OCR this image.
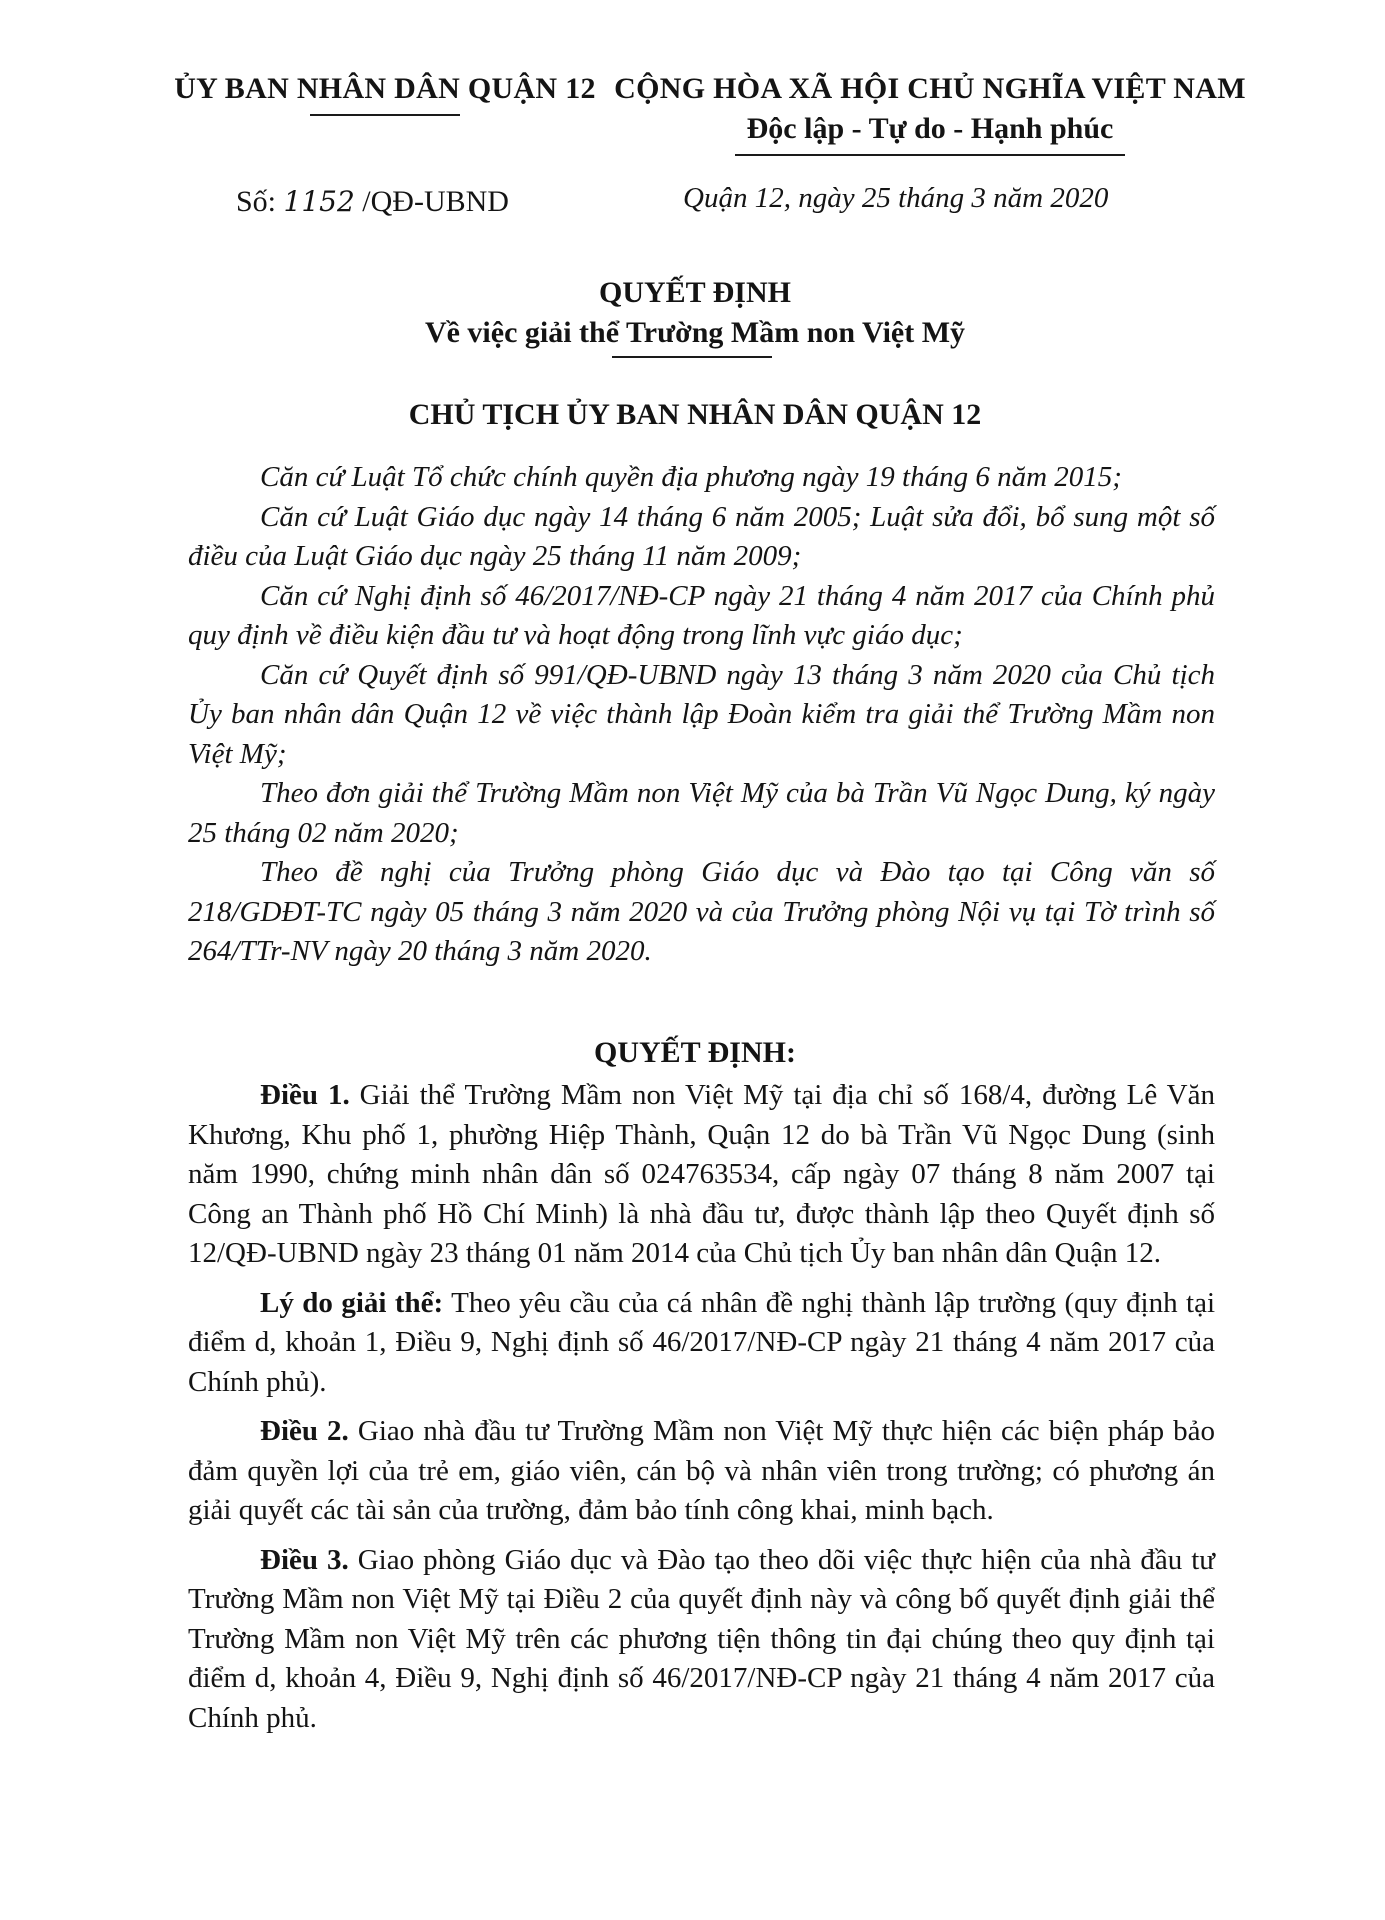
ỦY BAN NHÂN DÂN QUẬN 12 CỘNG HÒA XÃ HỘI CHỦ NGHĨA VIỆT NAM
Độc lập - Tự do - Hạnh phúc
Số: 1152 /QĐ-UBND	Quận 12, ngày 25 tháng 3 năm 2020
QUYẾT ĐỊNH
Về việc giải thể Trường Mầm non Việt Mỹ
CHỦ TỊCH ỦY BAN NHÂN DÂN QUẬN 12

Căn cứ Luật Tổ chức chính quyền địa phương ngày 19 tháng 6 năm 2015;

Căn cứ Luật Giáo dục ngày 14 tháng 6 năm 2005; Luật sửa đổi, bổ sung một số điều của Luật Giáo dục ngày 25 tháng 11 năm 2009;

Căn cứ Nghị định số 46/2017/NĐ-CP ngày 21 tháng 4 năm 2017 của Chính phủ quy định về điều kiện đầu tư và hoạt động trong lĩnh vực giáo dục;

Căn cứ Quyết định số 991/QĐ-UBND ngày 13 tháng 3 năm 2020 của Chủ tịch Ủy ban nhân dân Quận 12 về việc thành lập Đoàn kiểm tra giải thể Trường Mầm non Việt Mỹ;

Theo đơn giải thể Trường Mầm non Việt Mỹ của bà Trần Vũ Ngọc Dung, ký ngày 25 tháng 02 năm 2020;

Theo đề nghị của Trưởng phòng Giáo dục và Đào tạo tại Công văn số 218/GDĐT-TC ngày 05 tháng 3 năm 2020 và của Trưởng phòng Nội vụ tại Tờ trình số 264/TTr-NV ngày 20 tháng 3 năm 2020.

QUYẾT ĐỊNH:

Điều 1. Giải thể Trường Mầm non Việt Mỹ tại địa chỉ số 168/4, đường Lê Văn Khương, Khu phố 1, phường Hiệp Thành, Quận 12 do bà Trần Vũ Ngọc Dung (sinh năm 1990, chứng minh nhân dân số 024763534, cấp ngày 07 tháng 8 năm 2007 tại Công an Thành phố Hồ Chí Minh) là nhà đầu tư, được thành lập theo Quyết định số 12/QĐ-UBND ngày 23 tháng 01 năm 2014 của Chủ tịch Ủy ban nhân dân Quận 12.

Lý do giải thể: Theo yêu cầu của cá nhân đề nghị thành lập trường (quy định tại điểm d, khoản 1, Điều 9, Nghị định số 46/2017/NĐ-CP ngày 21 tháng 4 năm 2017 của Chính phủ).

Điều 2. Giao nhà đầu tư Trường Mầm non Việt Mỹ thực hiện các biện pháp bảo đảm quyền lợi của trẻ em, giáo viên, cán bộ và nhân viên trong trường; có phương án giải quyết các tài sản của trường, đảm bảo tính công khai, minh bạch.

Điều 3. Giao phòng Giáo dục và Đào tạo theo dõi việc thực hiện của nhà đầu tư Trường Mầm non Việt Mỹ tại Điều 2 của quyết định này và công bố quyết định giải thể Trường Mầm non Việt Mỹ trên các phương tiện thông tin đại chúng theo quy định tại điểm d, khoản 4, Điều 9, Nghị định số 46/2017/NĐ-CP ngày 21 tháng 4 năm 2017 của Chính phủ.
